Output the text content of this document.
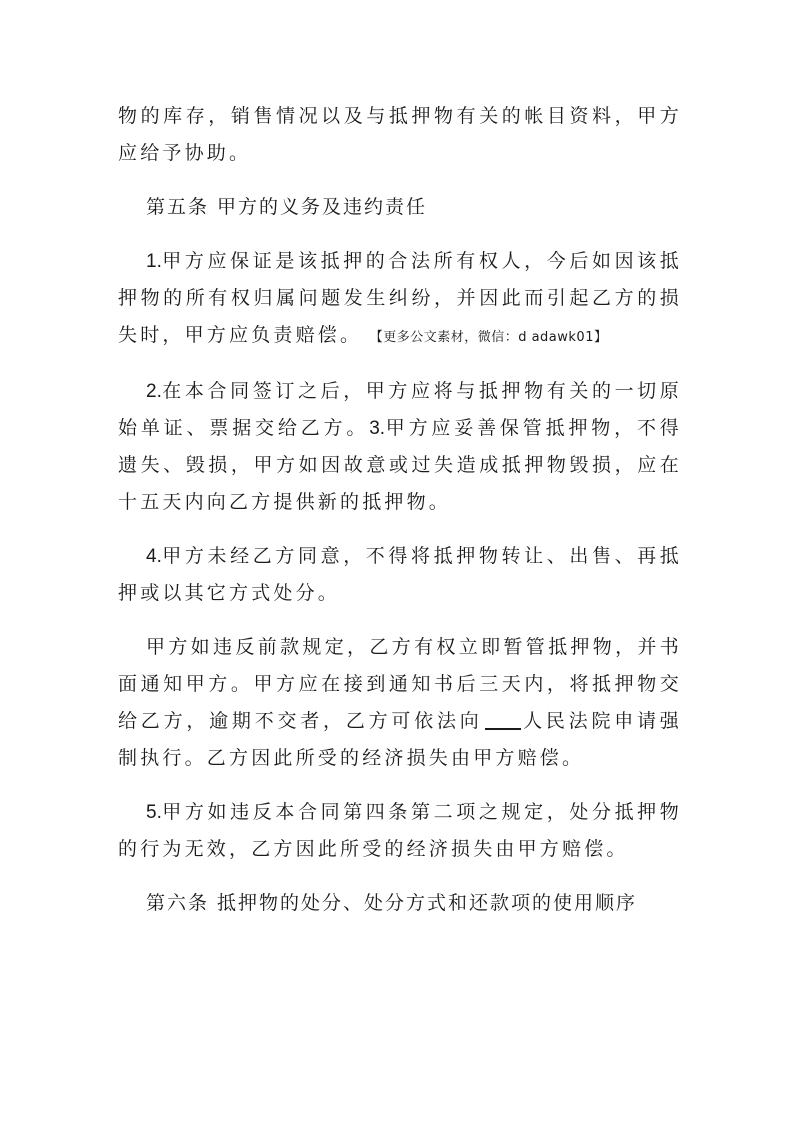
物的库存，销售情况以及与抵押物有关的帐目资料，甲方应给予协助。

第五条 甲方的义务及违约责任

1.甲方应保证是该抵押的合法所有权人，今后如因该抵押物的所有权归属问题发生纠纷，并因此而引起乙方的损失时，甲方应负责赔偿。 【更多公文素材，微信：d adawk01】

2.在本合同签订之后，甲方应将与抵押物有关的一切原始单证、票据交给乙方。3.甲方应妥善保管抵押物，不得遗失、毁损，甲方如因故意或过失造成抵押物毁损，应在十五天内向乙方提供新的抵押物。

4.甲方未经乙方同意，不得将抵押物转让、出售、再抵押或以其它方式处分。

甲方如违反前款规定，乙方有权立即暂管抵押物，并书面通知甲方。甲方应在接到通知书后三天内，将抵押物交给乙方，逾期不交者，乙方可依法向 人民法院申请强制执行。乙方因此所受的经济损失由甲方赔偿。

5.甲方如违反本合同第四条第二项之规定，处分抵押物的行为无效，乙方因此所受的经济损失由甲方赔偿。

第六条 抵押物的处分、处分方式和还款项的使用顺序
